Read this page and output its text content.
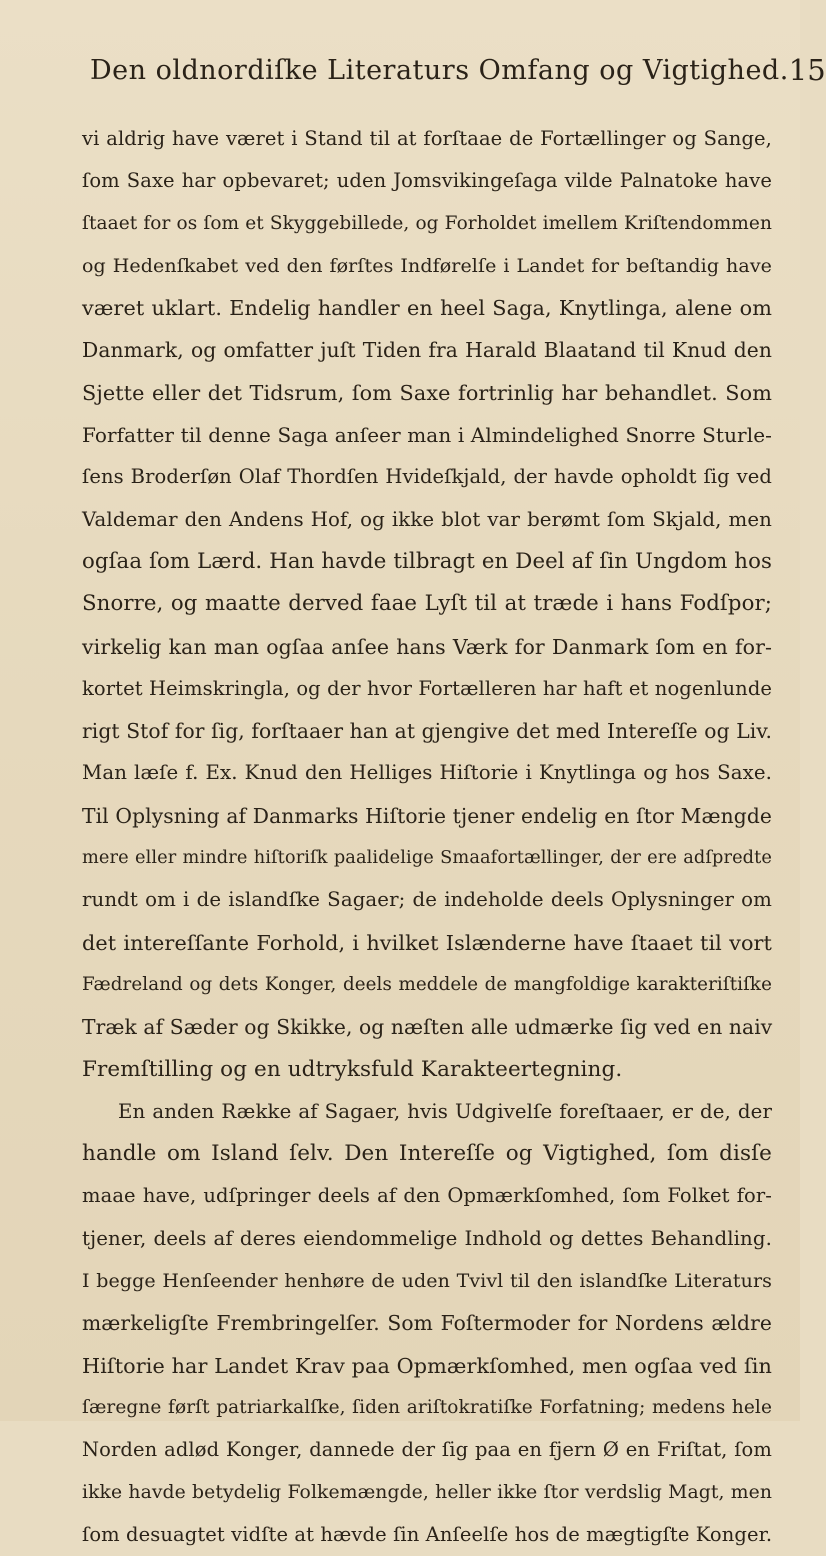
Den oldnordiſke Literaturs Omfang og Vigtighed. 15
vi aldrig have været i Stand til at forſtaae de Fortællinger og Sange,
ſom Saxe har opbevaret; uden Jomsvikingeſaga vilde Palnatoke have
ſtaaet for os ſom et Skyggebillede, og Forholdet imellem Kriſtendommen
og Hedenſkabet ved den førſtes Indførelſe i Landet for beſtandig have
været uklart. Endelig handler en heel Saga, Knytlinga, alene om
Danmark, og omfatter juſt Tiden fra Harald Blaatand til Knud den
Sjette eller det Tidsrum, ſom Saxe fortrinlig har behandlet. Som
Forfatter til denne Saga anſeer man i Almindelighed Snorre Sturle-
ſens Broderſøn Olaf Thordſen Hvideſkjald, der havde opholdt ſig ved
Valdemar den Andens Hof, og ikke blot var berømt ſom Skjald, men
ogſaa ſom Lærd. Han havde tilbragt en Deel af ſin Ungdom hos
Snorre, og maatte derved faae Lyſt til at træde i hans Fodſpor;
virkelig kan man ogſaa anſee hans Værk for Danmark ſom en for-
kortet Heimskringla, og der hvor Fortælleren har haft et nogenlunde
rigt Stof for ſig, forſtaaer han at gjengive det med Intereſſe og Liv.
Man læſe f. Ex. Knud den Helliges Hiſtorie i Knytlinga og hos Saxe.
Til Oplysning af Danmarks Hiſtorie tjener endelig en ſtor Mængde
mere eller mindre hiſtoriſk paalidelige Smaafortællinger, der ere adſpredte
rundt om i de islandſke Sagaer; de indeholde deels Oplysninger om
det intereſſante Forhold, i hvilket Islænderne have ſtaaet til vort
Fædreland og dets Konger, deels meddele de mangfoldige karakteriſtiſke
Træk af Sæder og Skikke, og næſten alle udmærke ſig ved en naiv
Fremſtilling og en udtryksfuld Karakteertegning.
En anden Række af Sagaer, hvis Udgivelſe foreſtaaer, er de, der
handle om Island ſelv. Den Intereſſe og Vigtighed, ſom disſe
maae have, udſpringer deels af den Opmærkſomhed, ſom Folket for-
tjener, deels af deres eiendommelige Indhold og dettes Behandling.
I begge Henſeender henhøre de uden Tvivl til den islandſke Literaturs
mærkeligſte Frembringelſer. Som Foſtermoder for Nordens ældre
Hiſtorie har Landet Krav paa Opmærkſomhed, men ogſaa ved ſin
ſæregne førſt patriarkalſke, ſiden ariſtokratiſke Forfatning; medens hele
Norden adlød Konger, dannede der ſig paa en fjern Ø en Friſtat, ſom
ikke havde betydelig Folkemængde, heller ikke ſtor verdslig Magt, men
ſom desuagtet vidſte at hævde ſin Anſeelſe hos de mægtigſte Konger.
